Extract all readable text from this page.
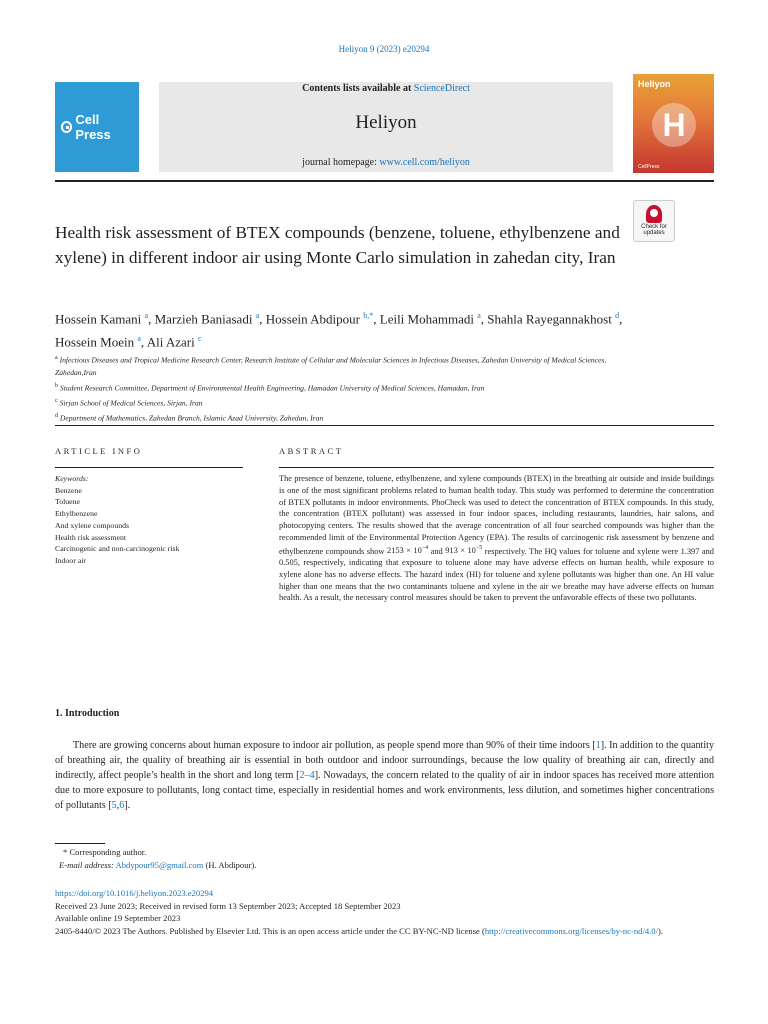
Heliyon 9 (2023) e20294
Cell Press
Contents lists available at ScienceDirect
Heliyon
journal homepage: www.cell.com/heliyon
Heliyon
H
CellPress
Check for
updates
Health risk assessment of BTEX compounds (benzene, toluene, ethylbenzene and xylene) in different indoor air using Monte Carlo simulation in zahedan city, Iran
Hossein Kamani $^a$, Marzieh Baniasadi $^a$, Hossein Abdipour $^{b,*}$, Leili Mohammadi $^a$, Shahla Rayegannakhost $^d$, Hossein Moein $^a$, Ali Azari $^c$
$^a$ Infectious Diseases and Tropical Medicine Research Center, Research Institute of Cellular and Molecular Sciences in Infectious Diseases, Zahedan University of Medical Sciences, Zahedan,Iran
$^b$ Student Research Committee, Department of Environmental Health Engineering, Hamadan University of Medical Sciences, Hamadan, Iran
$^c$ Sirjan School of Medical Sciences, Sirjan, Iran
$^d$ Department of Mathematics, Zahedan Branch, Islamic Azad University, Zahedan, Iran
ARTICLE INFO	ABSTRACT
Keywords:
Benzene
Toluene
Ethylbenzene
And xylene compounds
Health risk assessment
Carcinogenic and non-carcinogenic risk
Indoor air
The presence of benzene, toluene, ethylbenzene, and xylene compounds (BTEX) in the breathing air outside and inside buildings is one of the most significant problems related to human health today. This study was performed to determine the concentration of BTEX pollutants in indoor environments. PhoCheck was used to detect the concentration of BTEX compounds. In this study, the concentration (BTEX pollutant) was assessed in four indoor spaces, including restaurants, laundries, hair salons, and photocopying centers. The results showed that the average concentration of all four searched compounds was higher than the recommended limit of the Environmental Protection Agency (EPA). The results of carcinogenic risk assessment by benzene and ethylbenzene compounds show $2153 \times 10^{-4}$ and $913 \times 10^{-5}$ respectively. The HQ values for toluene and xylene were 1.397 and 0.505, respectively, indicating that exposure to toluene alone may have adverse effects on human health, while exposure to xylene alone has no adverse effects. The hazard index (HI) for toluene and xylene pollutants was higher than one. An HI value higher than one means that the two contaminants toluene and xylene in the air we breathe may have adverse effects on human health. As a result, the necessary control measures should be taken to prevent the unfavorable effects of these two pollutants.
1. Introduction
There are growing concerns about human exposure to indoor air pollution, as people spend more than 90% of their time indoors [1]. In addition to the quantity of breathing air, the quality of breathing air is essential in both outdoor and indoor surroundings, because the low quality of breathing air can, directly and indirectly, affect people’s health in the short and long term [2–4]. Nowadays, the concern related to the quality of air in indoor spaces has received more attention due to more exposure to pollutants, long contact time, especially in residential homes and work environments, less dilution, and sometimes higher concentrations of pollutants [5,6].
* Corresponding author.
E-mail address: Abdypour95@gmail.com (H. Abdipour).
https://doi.org/10.1016/j.heliyon.2023.e20294
Received 23 June 2023; Received in revised form 13 September 2023; Accepted 18 September 2023
Available online 19 September 2023
2405-8440/© 2023 The Authors. Published by Elsevier Ltd. This is an open access article under the CC BY-NC-ND license (http://creativecommons.org/licenses/by-nc-nd/4.0/).
